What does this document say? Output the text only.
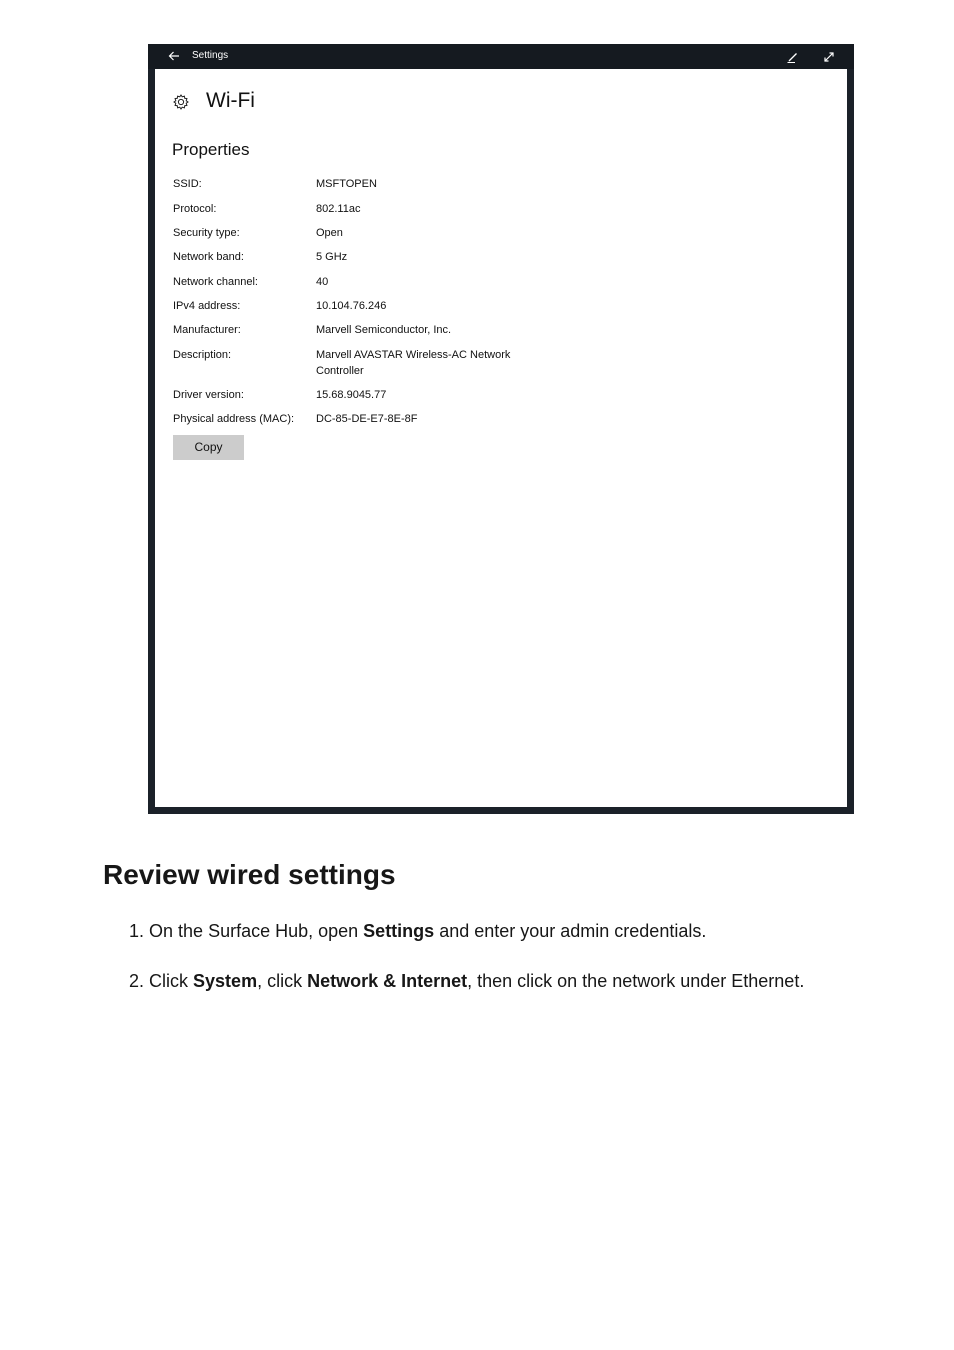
Settings
Wi-Fi
Properties
SSID:	MSFTOPEN
Protocol:	802.11ac
Security type:	Open
Network band:	5 GHz
Network channel:	40
IPv4 address:	10.104.76.246
Manufacturer:	Marvell Semiconductor, Inc.
Description:	Marvell AVASTAR Wireless-AC Network Controller
Driver version:	15.68.9045.77
Physical address (MAC):	DC-85-DE-E7-8E-8F
Copy
Review wired settings
1. On the Surface Hub, open Settings and enter your admin credentials.
2. Click System, click Network & Internet, then click on the network under Ethernet.
